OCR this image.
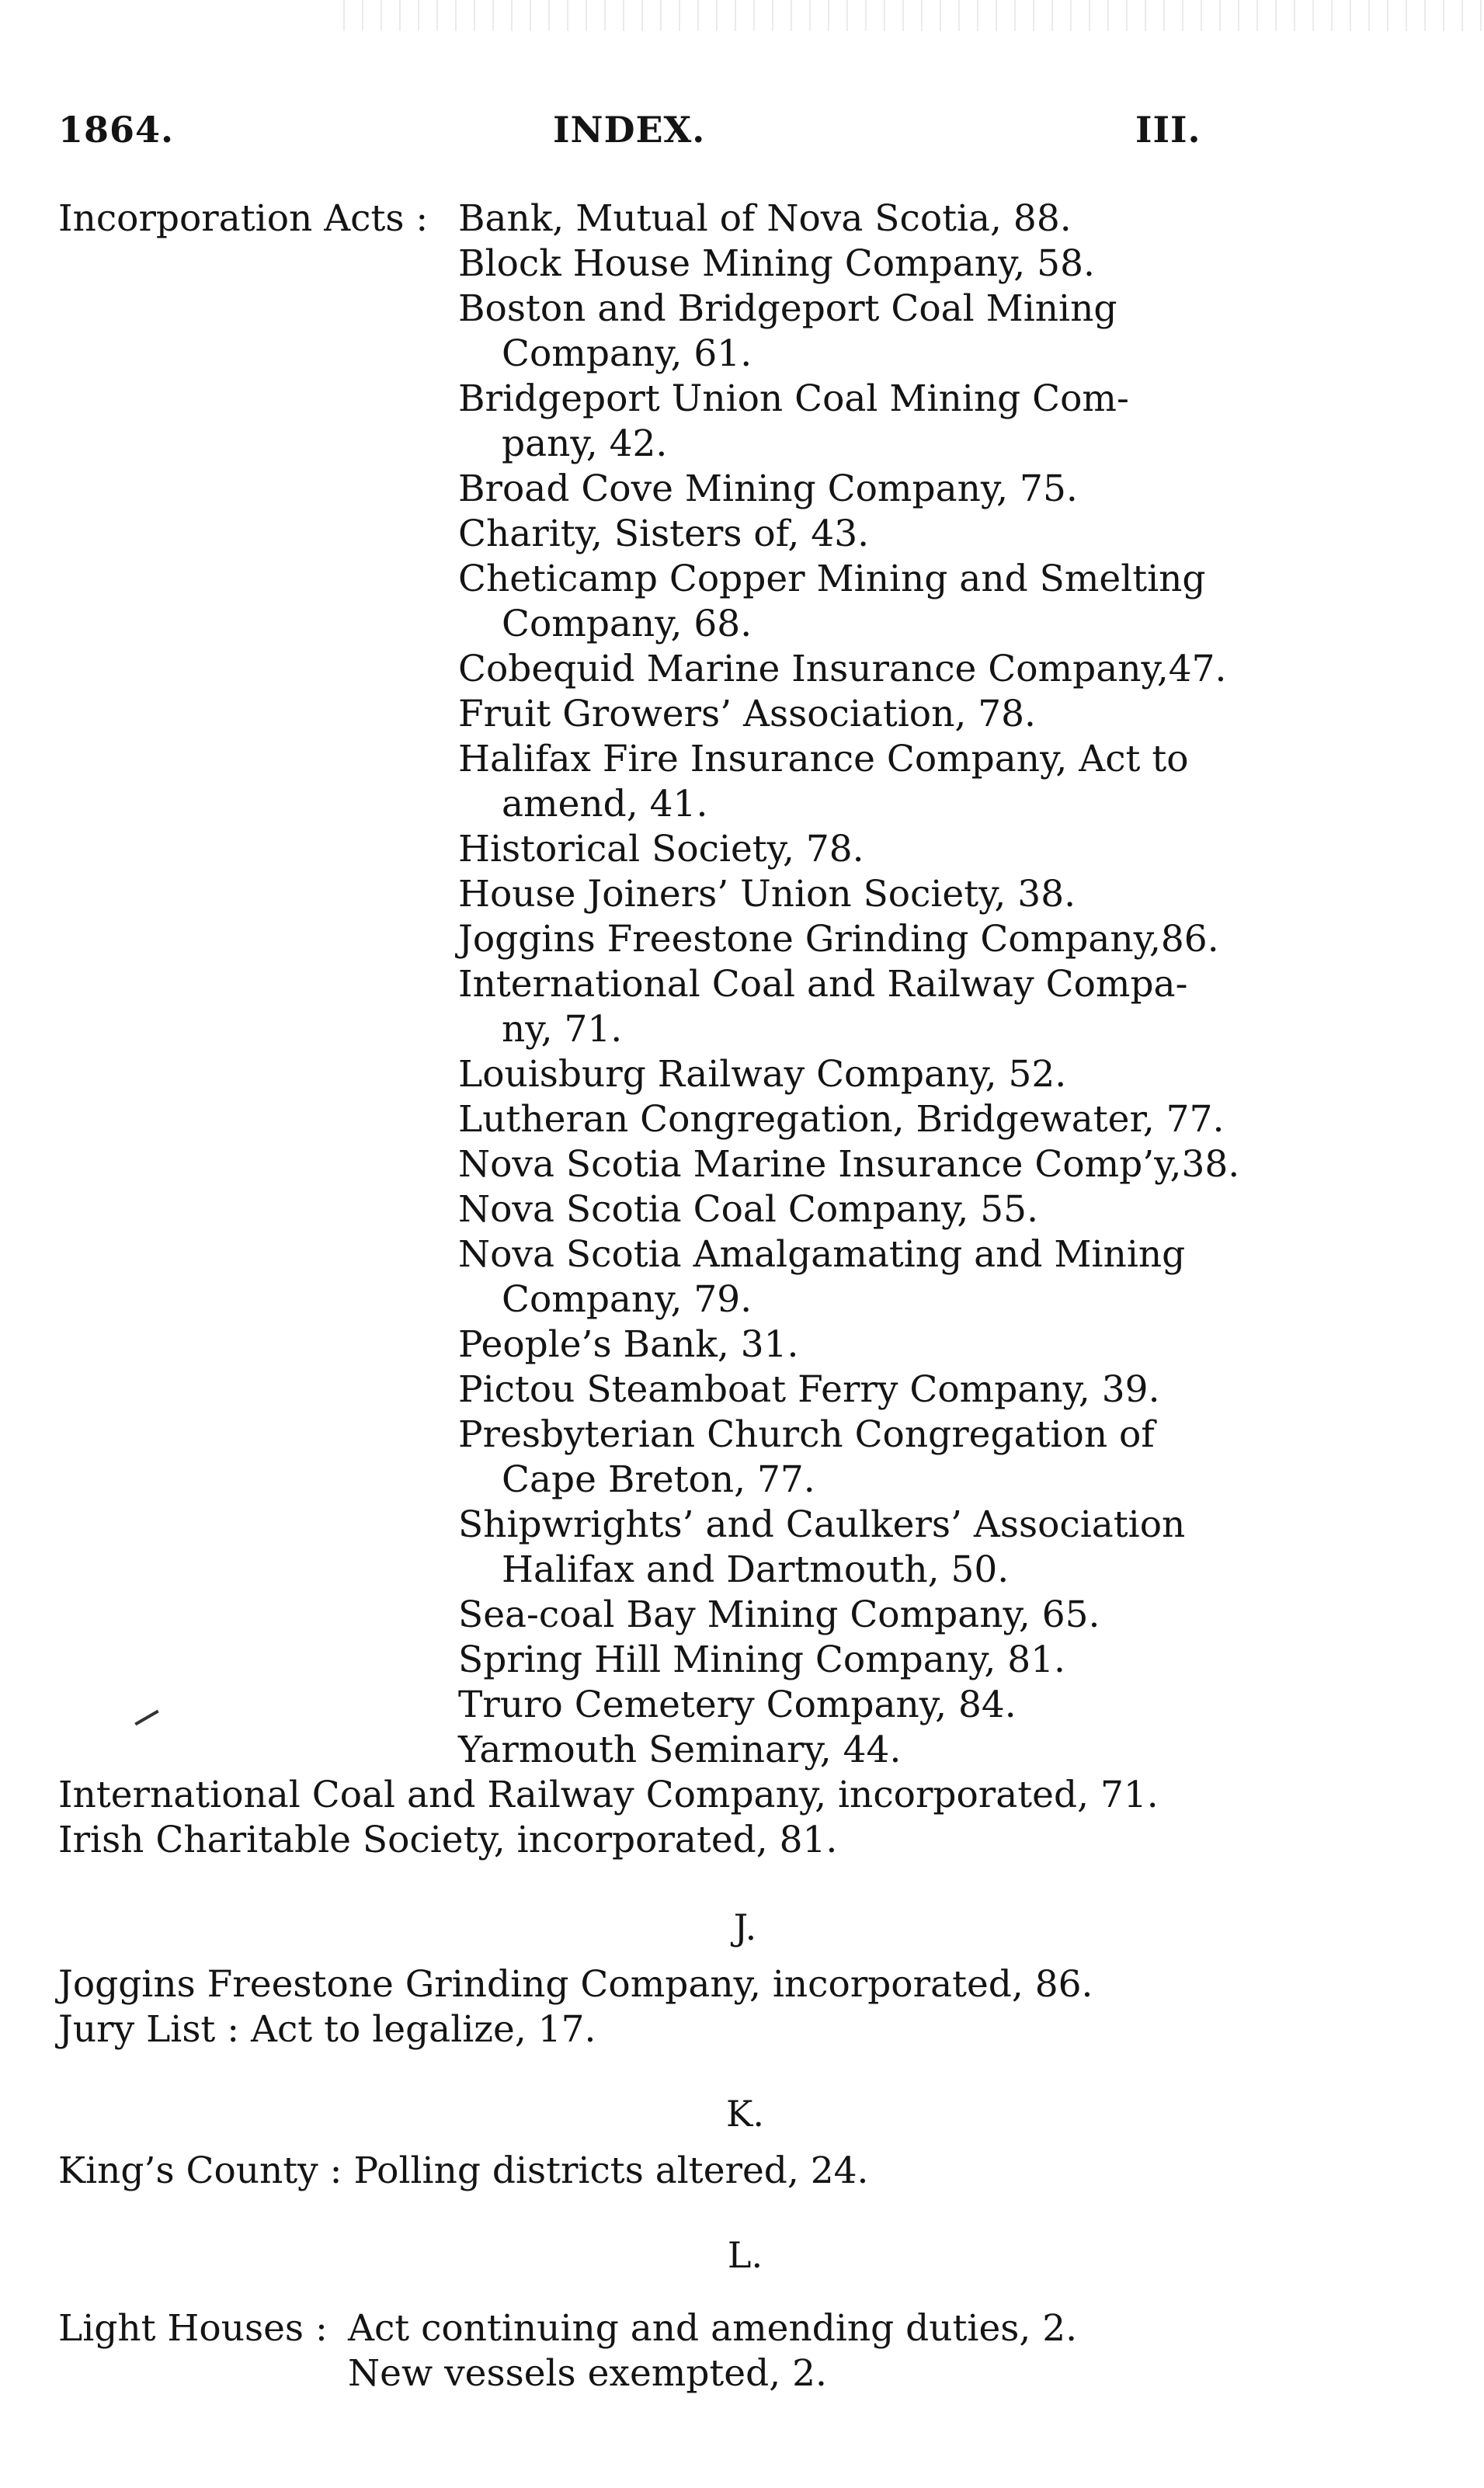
1864.	INDEX.	III.
Incorporation Acts : Bank, Mutual of Nova Scotia, 88.
Block House Mining Company, 58.
Boston and Bridgeport Coal Mining
Company, 61.
Bridgeport Union Coal Mining Com-
pany, 42.
Broad Cove Mining Company, 75.
Charity, Sisters of, 43.
Cheticamp Copper Mining and Smelting
Company, 68.
Cobequid Marine Insurance Company,47.
Fruit Growers’ Association, 78.
Halifax Fire Insurance Company, Act to
amend, 41.
Historical Society, 78.
House Joiners’ Union Society, 38.
Joggins Freestone Grinding Company,86.
International Coal and Railway Compa-
ny, 71.
Louisburg Railway Company, 52.
Lutheran Congregation, Bridgewater, 77.
Nova Scotia Marine Insurance Comp’y,38.
Nova Scotia Coal Company, 55.
Nova Scotia Amalgamating and Mining
Company, 79.
People’s Bank, 31.
Pictou Steamboat Ferry Company, 39.
Presbyterian Church Congregation of
Cape Breton, 77.
Shipwrights’ and Caulkers’ Association
Halifax and Dartmouth, 50.
Sea-coal Bay Mining Company, 65.
Spring Hill Mining Company, 81.
Truro Cemetery Company, 84.
Yarmouth Seminary, 44.
International Coal and Railway Company, incorporated, 71.
Irish Charitable Society, incorporated, 81.
J.
Joggins Freestone Grinding Company, incorporated, 86.
Jury List : Act to legalize, 17.
K.
King’s County : Polling districts altered, 24.
L.
Light Houses : Act continuing and amending duties, 2.
New vessels exempted, 2.
